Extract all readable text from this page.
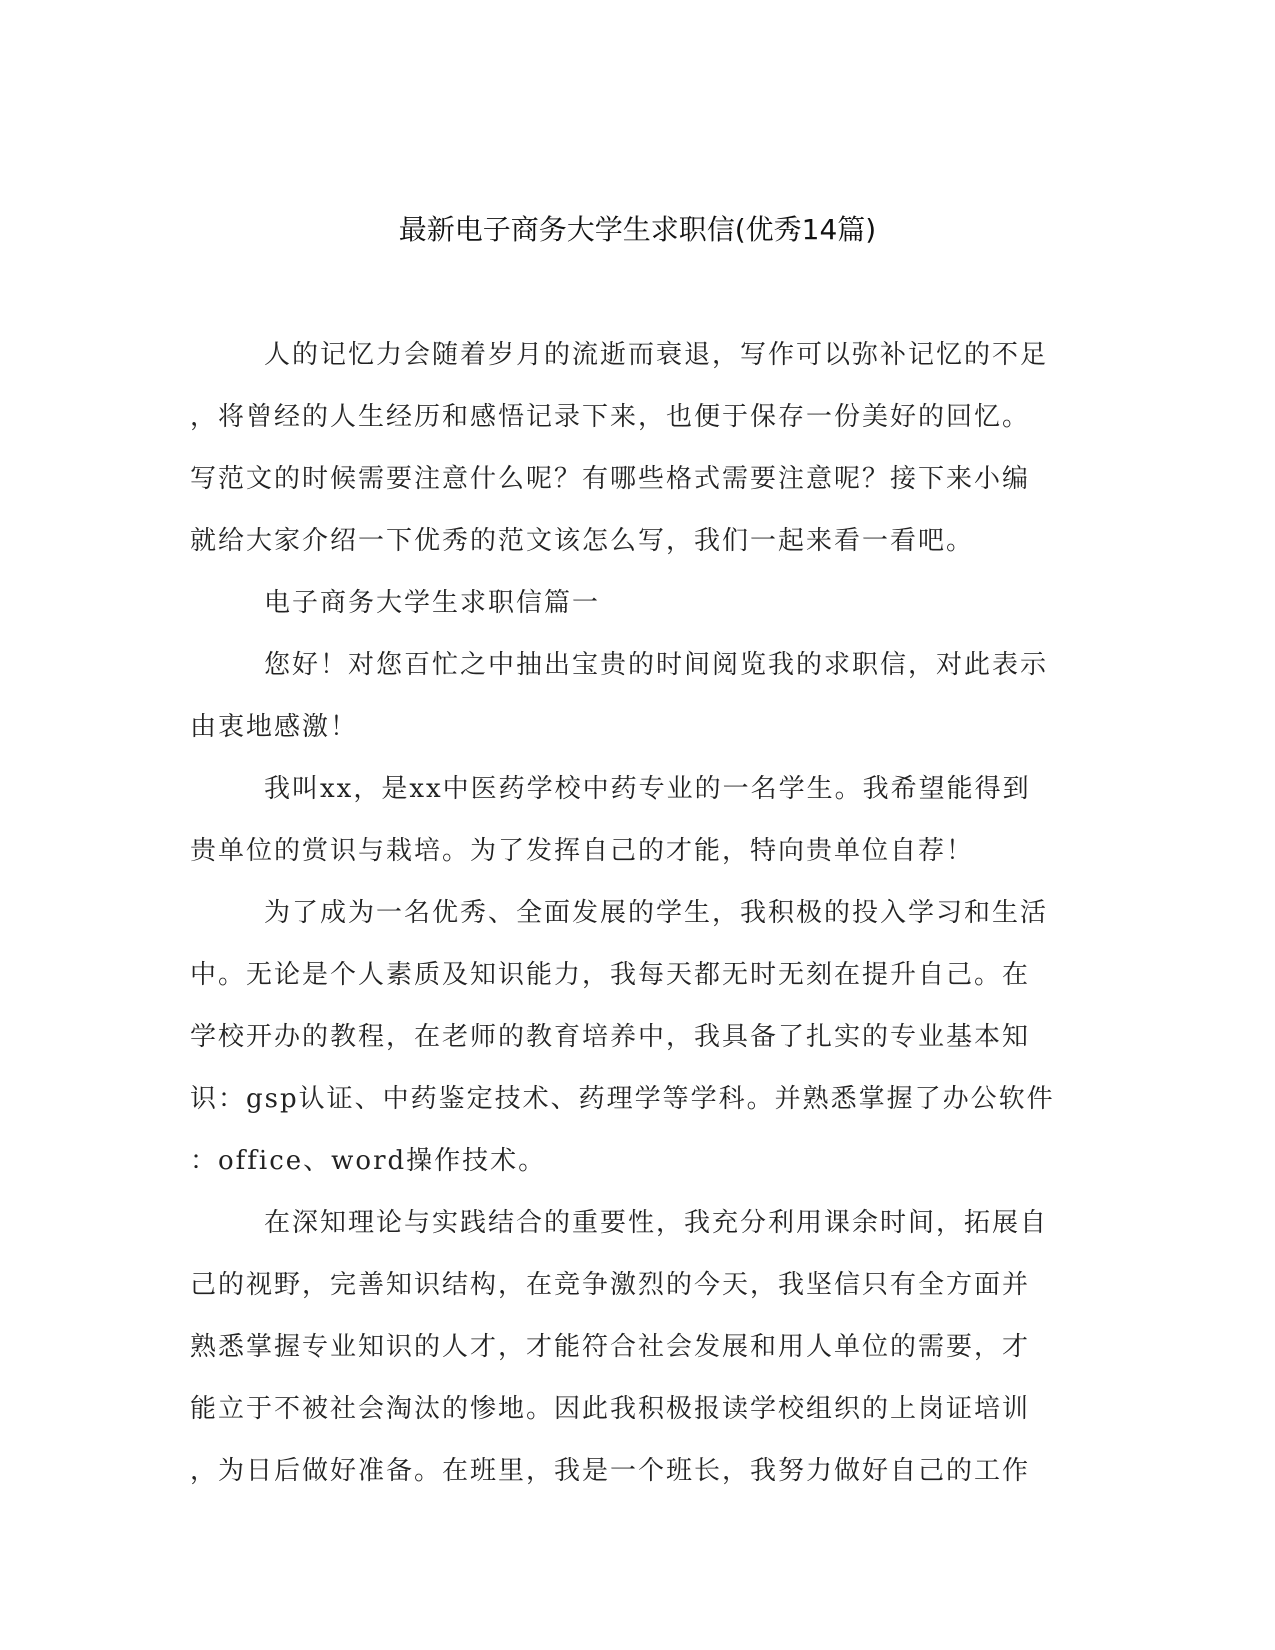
最新电子商务大学生求职信(优秀14篇)
人的记忆力会随着岁月的流逝而衰退，写作可以弥补记忆的不足
，将曾经的人生经历和感悟记录下来，也便于保存一份美好的回忆。
写范文的时候需要注意什么呢？有哪些格式需要注意呢？接下来小编
就给大家介绍一下优秀的范文该怎么写，我们一起来看一看吧。
电子商务大学生求职信篇一
您好！对您百忙之中抽出宝贵的时间阅览我的求职信，对此表示
由衷地感激！
我叫xx，是xx中医药学校中药专业的一名学生。我希望能得到
贵单位的赏识与栽培。为了发挥自己的才能，特向贵单位自荐！
为了成为一名优秀、全面发展的学生，我积极的投入学习和生活
中。无论是个人素质及知识能力，我每天都无时无刻在提升自己。在
学校开办的教程，在老师的教育培养中，我具备了扎实的专业基本知
识：gsp认证、中药鉴定技术、药理学等学科。并熟悉掌握了办公软件
：office、word操作技术。
在深知理论与实践结合的重要性，我充分利用课余时间，拓展自
己的视野，完善知识结构，在竞争激烈的今天，我坚信只有全方面并
熟悉掌握专业知识的人才，才能符合社会发展和用人单位的需要，才
能立于不被社会淘汰的惨地。因此我积极报读学校组织的上岗证培训
，为日后做好准备。在班里，我是一个班长，我努力做好自己的工作
